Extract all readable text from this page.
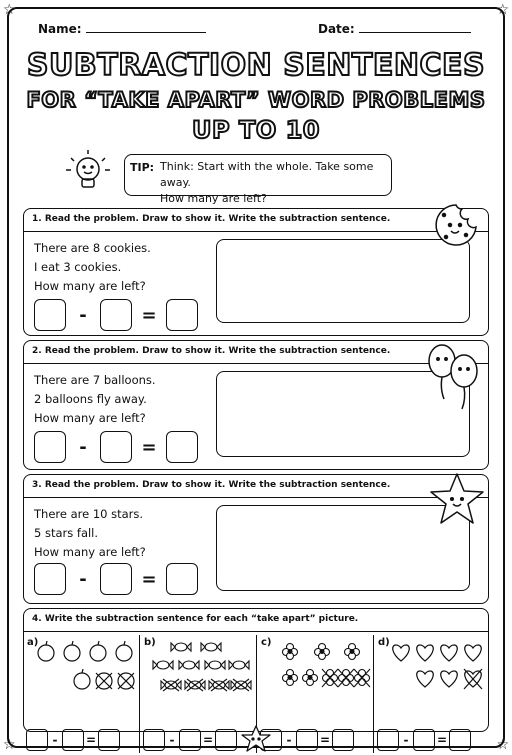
☆	☆
☆	☆
Name:	Date:
SUBTRACTION SENTENCES
FOR “TAKE APART” WORD PROBLEMS
UP TO 10
TIP: Think: Start with the whole. Take some away.
How many are left?
1. Read the problem. Draw to show it. Write the subtraction sentence.
There are 8 cookies.
I eat 3 cookies.
How many are left?
-	=
2. Read the problem. Draw to show it. Write the subtraction sentence.
There are 7 balloons.
2 balloons fly away.
How many are left?
-	=
3. Read the problem. Draw to show it. Write the subtraction sentence.
There are 10 stars.
5 stars fall.
How many are left?
-	=
4. Write the subtraction sentence for each “take apart” picture.
a)
-	=
b)
-	=
c)
-	=
d)
-	=
